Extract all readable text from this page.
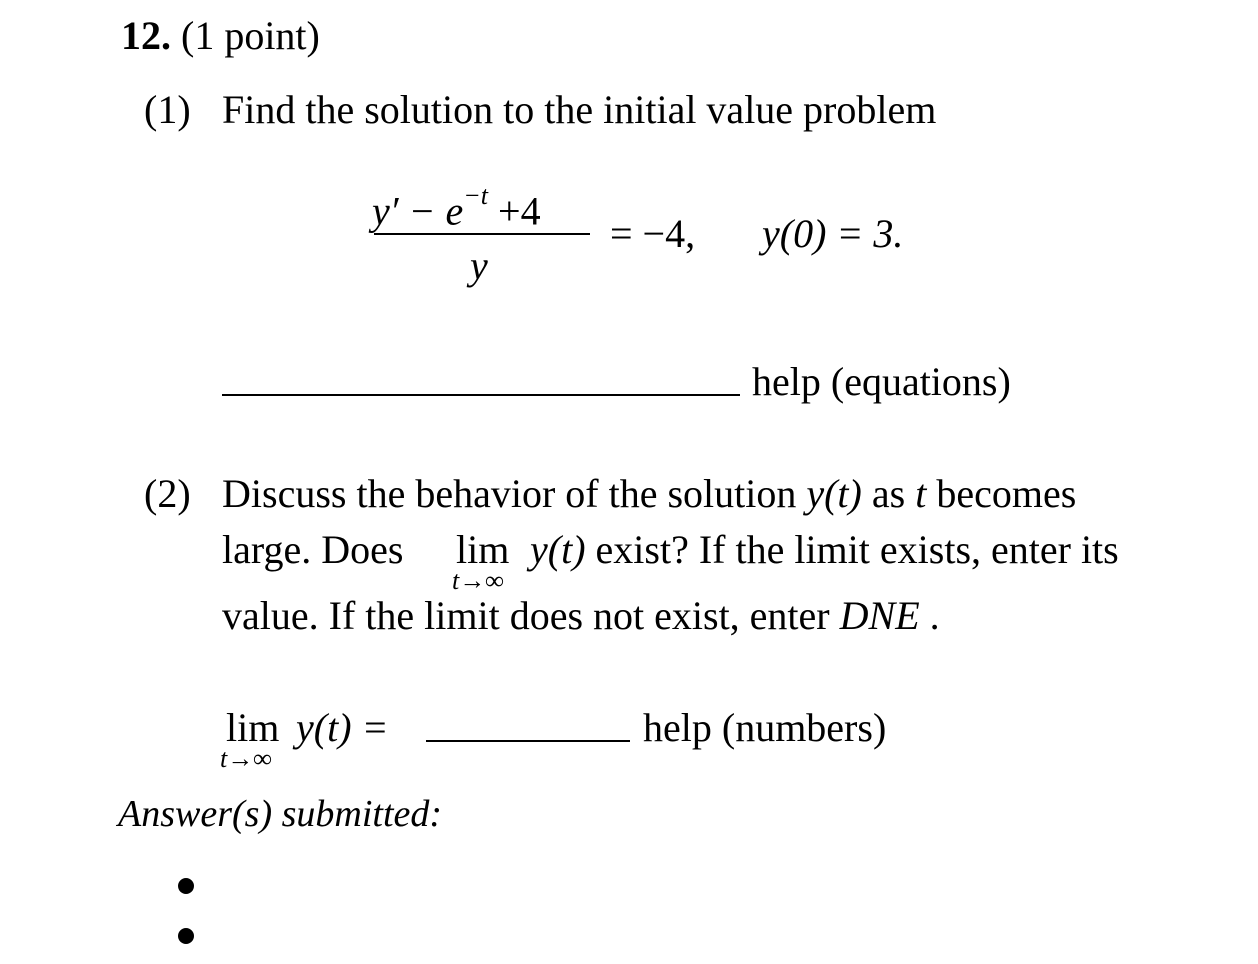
12. (1 point)
(1) Find the solution to the initial value problem
$y' - e^{-t} +4$
y
= −4, y(0) = 3.
help (equations)
(2) Discuss the behavior of the solution y(t) as t becomes
large. Does lim
t→∞
y(t) exist? If the limit exists, enter its
value. If the limit does not exist, enter DNE .
lim
t→∞
y(t) =	help (numbers)
Answer(s) submitted:
